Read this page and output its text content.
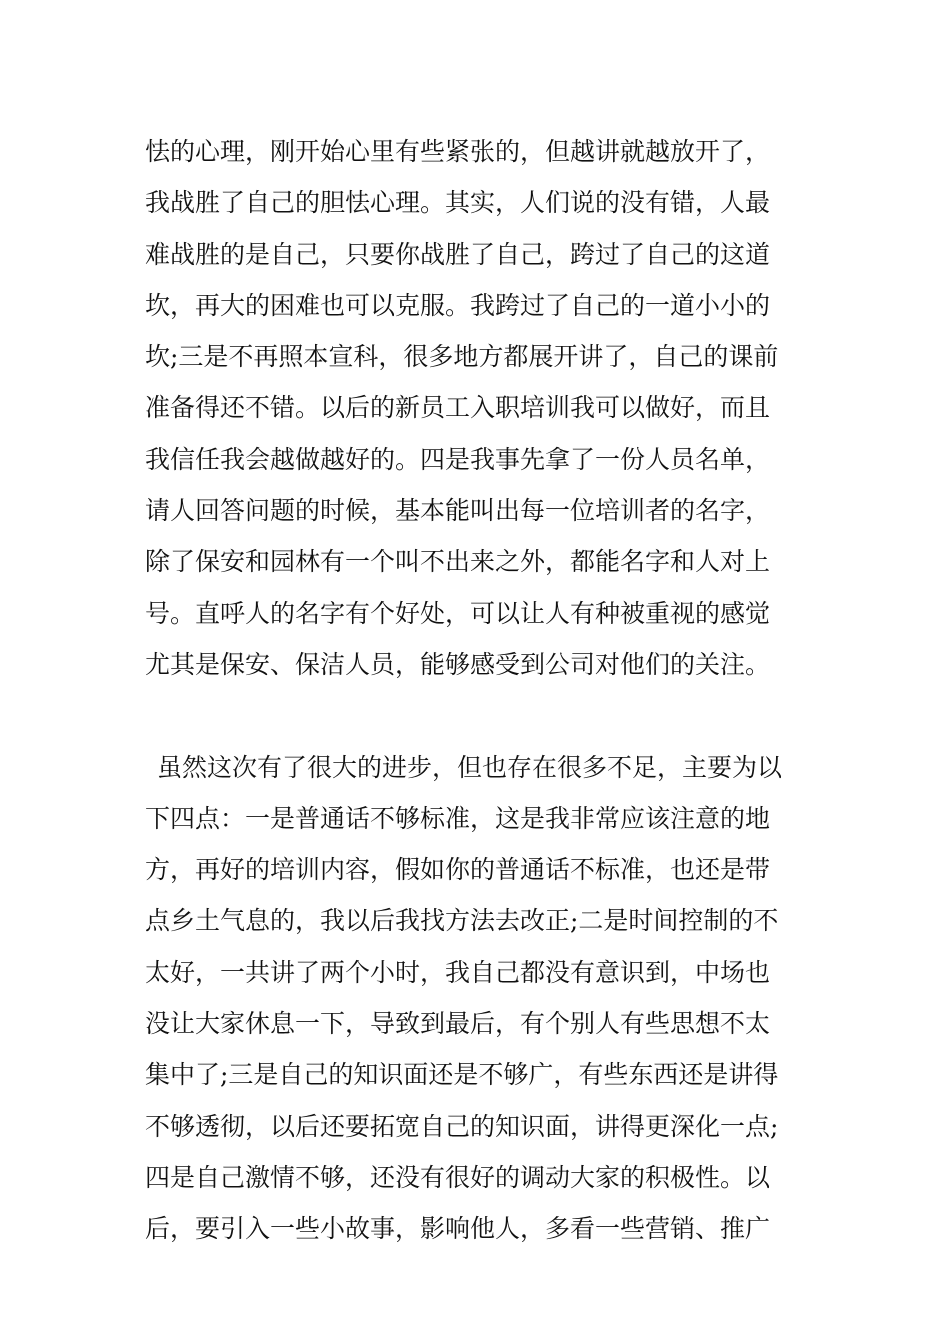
怯的心理，刚开始心里有些紧张的，但越讲就越放开了，
我战胜了自己的胆怯心理。其实，人们说的没有错，人最
难战胜的是自己，只要你战胜了自己，跨过了自己的这道
坎，再大的困难也可以克服。我跨过了自己的一道小小的
坎;三是不再照本宣科，很多地方都展开讲了，自己的课前
准备得还不错。以后的新员工入职培训我可以做好，而且
我信任我会越做越好的。四是我事先拿了一份人员名单，
请人回答问题的时候，基本能叫出每一位培训者的名字，
除了保安和园林有一个叫不出来之外，都能名字和人对上
号。直呼人的名字有个好处，可以让人有种被重视的感觉
尤其是保安、保洁人员，能够感受到公司对他们的关注。
虽然这次有了很大的进步，但也存在很多不足，主要为以
下四点：一是普通话不够标准，这是我非常应该注意的地
方，再好的培训内容，假如你的普通话不标准，也还是带
点乡土气息的，我以后我找方法去改正;二是时间控制的不
太好，一共讲了两个小时，我自己都没有意识到，中场也
没让大家休息一下，导致到最后，有个别人有些思想不太
集中了;三是自己的知识面还是不够广，有些东西还是讲得
不够透彻，以后还要拓宽自己的知识面，讲得更深化一点;
四是自己激情不够，还没有很好的调动大家的积极性。以
后，要引入一些小故事，影响他人，多看一些营销、推广
